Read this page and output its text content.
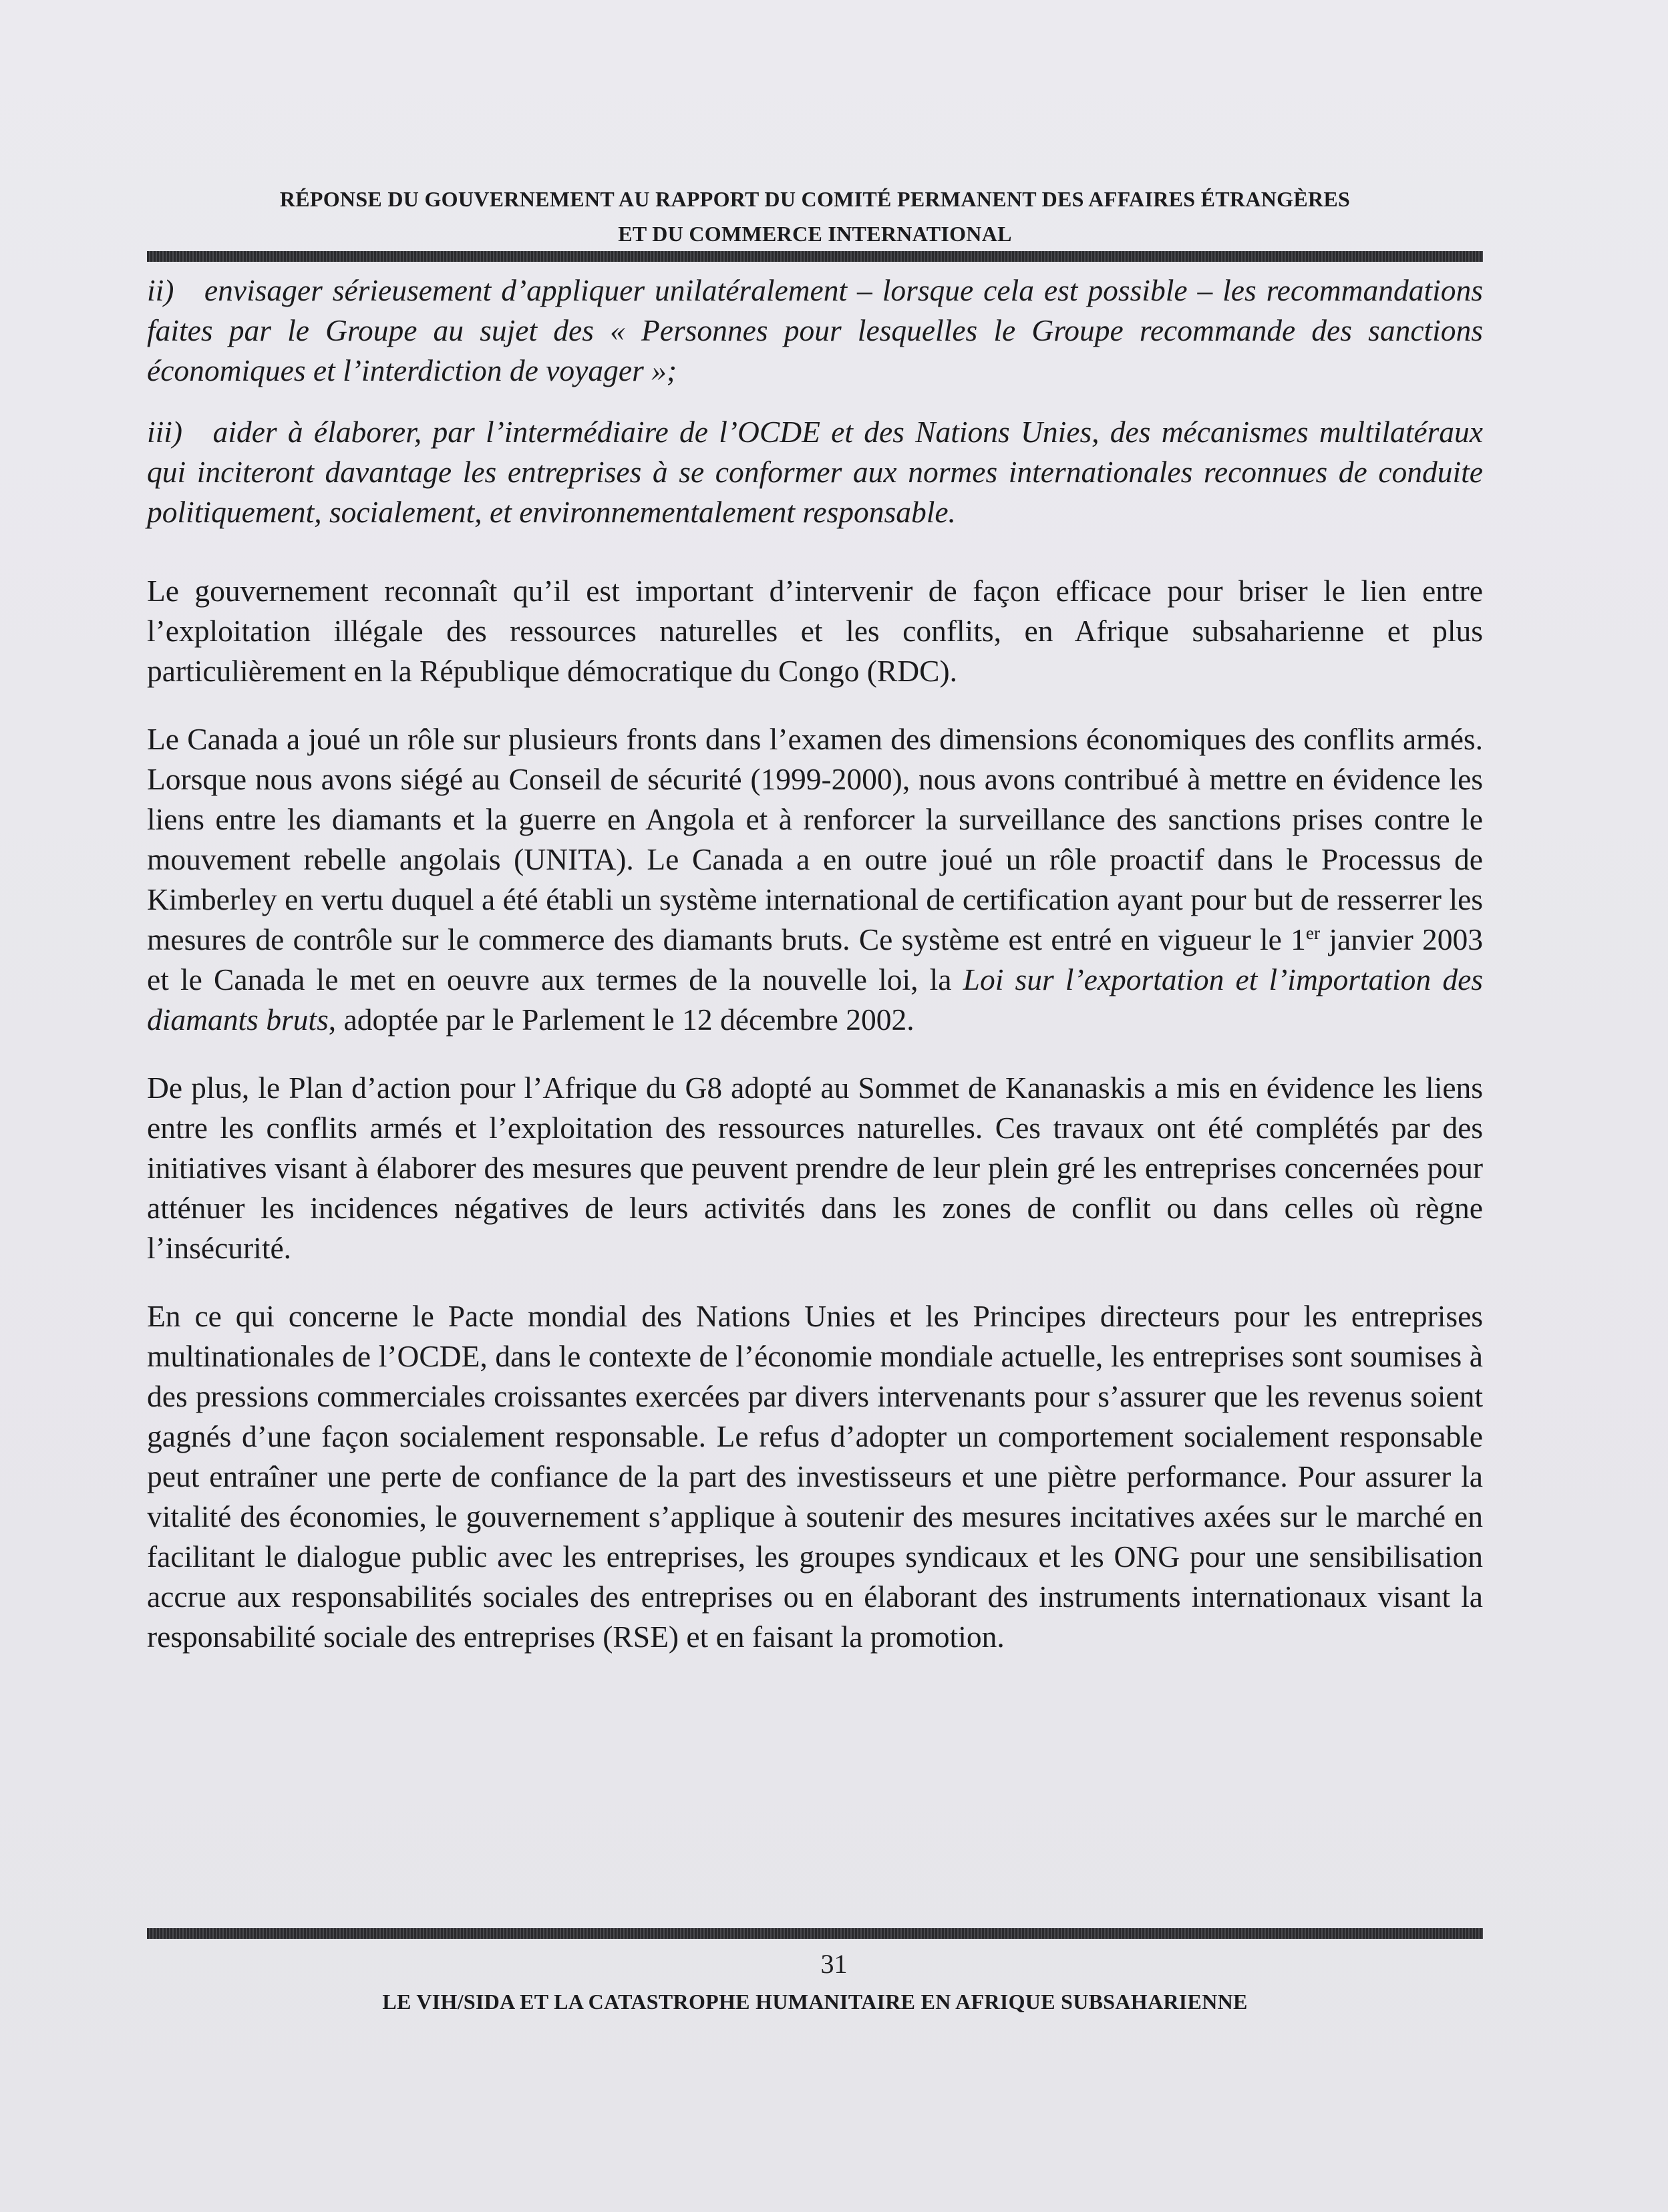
RÉPONSE DU GOUVERNEMENT AU RAPPORT DU COMITÉ PERMANENT DES AFFAIRES ÉTRANGÈRES
ET DU COMMERCE INTERNATIONAL

ii) envisager sérieusement d’appliquer unilatéralement – lorsque cela est possible – les recommandations faites par le Groupe au sujet des « Personnes pour lesquelles le Groupe recommande des sanctions économiques et l’interdiction de voyager »;

iii) aider à élaborer, par l’intermédiaire de l’OCDE et des Nations Unies, des mécanismes multilatéraux qui inciteront davantage les entreprises à se conformer aux normes internationales reconnues de conduite politiquement, socialement, et environnementalement responsable.

Le gouvernement reconnaît qu’il est important d’intervenir de façon efficace pour briser le lien entre l’exploitation illégale des ressources naturelles et les conflits, en Afrique subsaharienne et plus particulièrement en la République démocratique du Congo (RDC).

Le Canada a joué un rôle sur plusieurs fronts dans l’examen des dimensions économiques des conflits armés. Lorsque nous avons siégé au Conseil de sécurité (1999-2000), nous avons contribué à mettre en évidence les liens entre les diamants et la guerre en Angola et à renforcer la surveillance des sanctions prises contre le mouvement rebelle angolais (UNITA). Le Canada a en outre joué un rôle proactif dans le Processus de Kimberley en vertu duquel a été établi un système international de certification ayant pour but de resserrer les mesures de contrôle sur le commerce des diamants bruts. Ce système est entré en vigueur le 1er janvier 2003 et le Canada le met en oeuvre aux termes de la nouvelle loi, la Loi sur l’exportation et l’importation des diamants bruts, adoptée par le Parlement le 12 décembre 2002.

De plus, le Plan d’action pour l’Afrique du G8 adopté au Sommet de Kananaskis a mis en évidence les liens entre les conflits armés et l’exploitation des ressources naturelles. Ces travaux ont été complétés par des initiatives visant à élaborer des mesures que peuvent prendre de leur plein gré les entreprises concernées pour atténuer les incidences négatives de leurs activités dans les zones de conflit ou dans celles où règne l’insécurité.

En ce qui concerne le Pacte mondial des Nations Unies et les Principes directeurs pour les entreprises multinationales de l’OCDE, dans le contexte de l’économie mondiale actuelle, les entreprises sont soumises à des pressions commerciales croissantes exercées par divers intervenants pour s’assurer que les revenus soient gagnés d’une façon socialement responsable. Le refus d’adopter un comportement socialement responsable peut entraîner une perte de confiance de la part des investisseurs et une piètre performance. Pour assurer la vitalité des économies, le gouvernement s’applique à soutenir des mesures incitatives axées sur le marché en facilitant le dialogue public avec les entreprises, les groupes syndicaux et les ONG pour une sensibilisation accrue aux responsabilités sociales des entreprises ou en élaborant des instruments internationaux visant la responsabilité sociale des entreprises (RSE) et en faisant la promotion.

31
LE VIH/SIDA ET LA CATASTROPHE HUMANITAIRE EN AFRIQUE SUBSAHARIENNE
